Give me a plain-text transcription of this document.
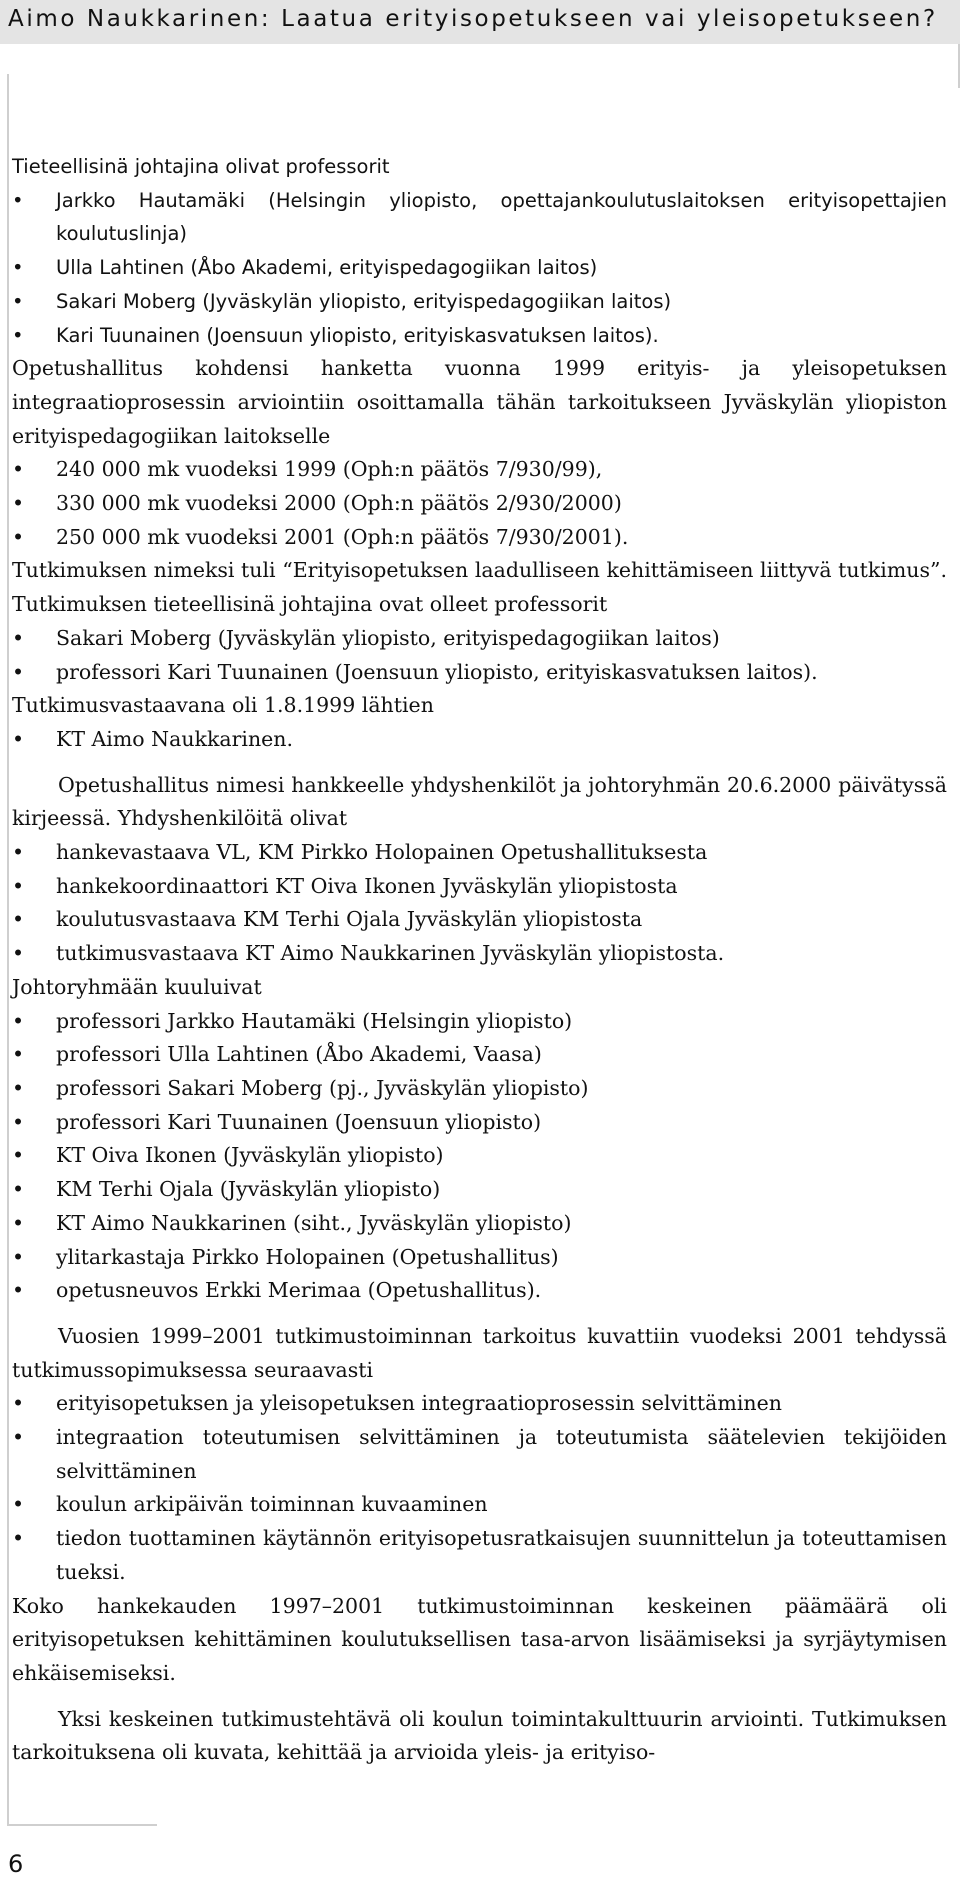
Aimo Naukkarinen: Laatua erityisopetukseen vai yleisopetukseen?
6

Tieteellisinä johtajina olivat professorit

• Jarkko Hautamäki (Helsingin yliopisto, opettajankoulutuslaitoksen erityisopettajien koulutuslinja)
• Ulla Lahtinen (Åbo Akademi, erityispedagogiikan laitos)
• Sakari Moberg (Jyväskylän yliopisto, erityispedagogiikan laitos)
• Kari Tuunainen (Joensuun yliopisto, erityiskasvatuksen laitos).

Opetushallitus kohdensi hanketta vuonna 1999 erityis- ja yleisopetuksen integraatioprosessin arviointiin osoittamalla tähän tarkoitukseen Jyväskylän yliopiston erityispedagogiikan laitokselle

• 240 000 mk vuodeksi 1999 (Oph:n päätös 7/930/99),
• 330 000 mk vuodeksi 2000 (Oph:n päätös 2/930/2000)
• 250 000 mk vuodeksi 2001 (Oph:n päätös 7/930/2001).

Tutkimuksen nimeksi tuli “Erityisopetuksen laadulliseen kehittämiseen liittyvä tutkimus”. Tutkimuksen tieteellisinä johtajina ovat olleet professorit

• Sakari Moberg (Jyväskylän yliopisto, erityispedagogiikan laitos)
• professori Kari Tuunainen (Joensuun yliopisto, erityiskasvatuksen laitos).

Tutkimusvastaavana oli 1.8.1999 lähtien

• KT Aimo Naukkarinen.

Opetushallitus nimesi hankkeelle yhdyshenkilöt ja johtoryhmän 20.6.2000 päivätyssä kirjeessä. Yhdyshenkilöitä olivat

• hankevastaava VL, KM Pirkko Holopainen Opetushallituksesta
• hankekoordinaattori KT Oiva Ikonen Jyväskylän yliopistosta
• koulutusvastaava KM Terhi Ojala Jyväskylän yliopistosta
• tutkimusvastaava KT Aimo Naukkarinen Jyväskylän yliopistosta.

Johtoryhmään kuuluivat

• professori Jarkko Hautamäki (Helsingin yliopisto)
• professori Ulla Lahtinen (Åbo Akademi, Vaasa)
• professori Sakari Moberg (pj., Jyväskylän yliopisto)
• professori Kari Tuunainen (Joensuun yliopisto)
• KT Oiva Ikonen (Jyväskylän yliopisto)
• KM Terhi Ojala (Jyväskylän yliopisto)
• KT Aimo Naukkarinen (siht., Jyväskylän yliopisto)
• ylitarkastaja Pirkko Holopainen (Opetushallitus)
• opetusneuvos Erkki Merimaa (Opetushallitus).

Vuosien 1999–2001 tutkimustoiminnan tarkoitus kuvattiin vuodeksi 2001 tehdyssä tutkimussopimuksessa seuraavasti

• erityisopetuksen ja yleisopetuksen integraatioprosessin selvittäminen
• integraation toteutumisen selvittäminen ja toteutumista säätelevien tekijöiden selvittäminen
• koulun arkipäivän toiminnan kuvaaminen
• tiedon tuottaminen käytännön erityisopetusratkaisujen suunnittelun ja toteuttamisen tueksi.

Koko hankekauden 1997–2001 tutkimustoiminnan keskeinen päämäärä oli erityisopetuksen kehittäminen koulutuksellisen tasa-arvon lisäämiseksi ja syrjäytymisen ehkäisemiseksi.

Yksi keskeinen tutkimustehtävä oli koulun toimintakulttuurin arviointi. Tutkimuksen tarkoituksena oli kuvata, kehittää ja arvioida yleis- ja erityiso-
